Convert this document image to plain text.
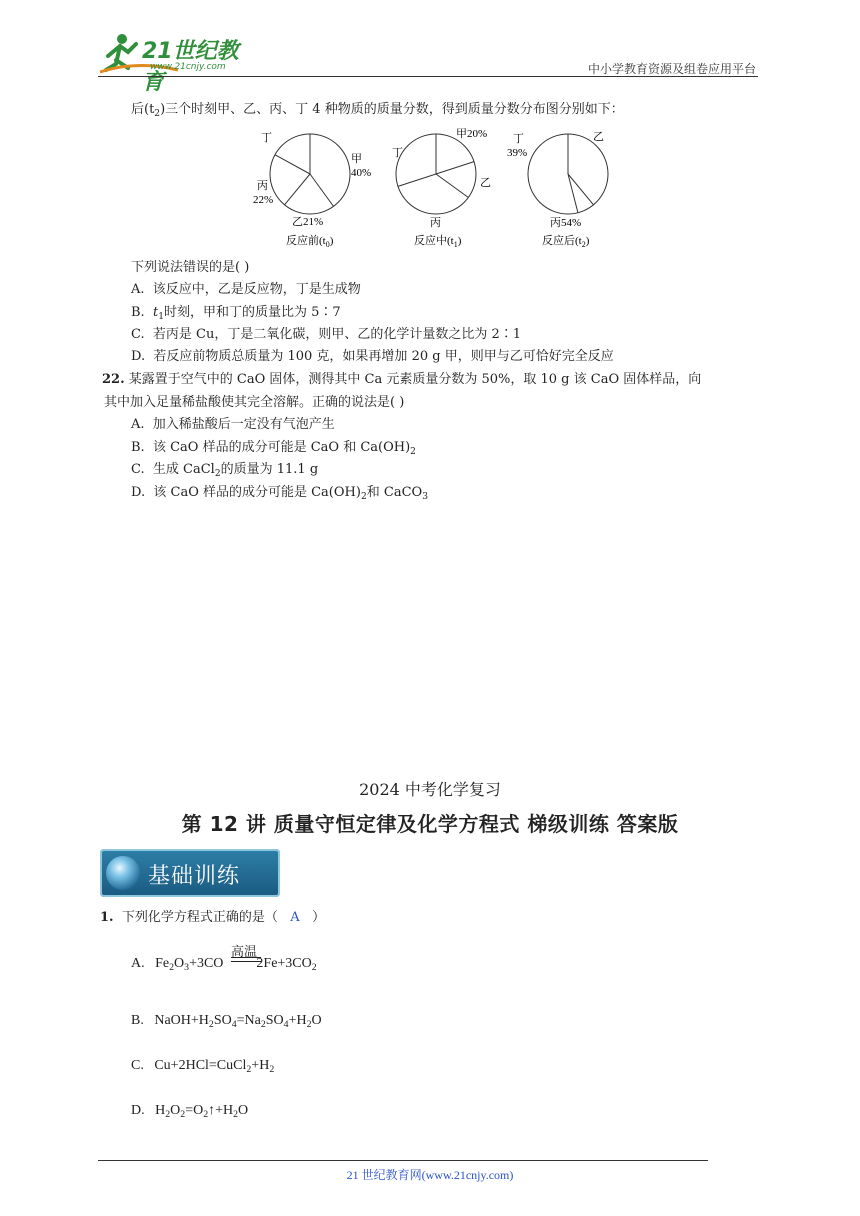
21世纪教育
www.21cnjy.com	中小学教育资源及组卷应用平台
后$(t_2)$三个时刻甲、乙、丙、丁 4 种物质的质量分数，得到质量分数分布图分别如下：
甲
40%
丙
22%
乙21%
丁
反应前$(t_0)$
甲20%
丁
乙
丙
反应中$(t_1)$
丁
39%
乙
丙54%
反应后$(t_2)$
下列说法错误的是( )
A. 该反应中，乙是反应物，丁是生成物
B. $t_1$时刻，甲和丁的质量比为 5∶7
C. 若丙是 Cu，丁是二氧化碳，则甲、乙的化学计量数之比为 2∶1
D. 若反应前物质总质量为 100 克，如果再增加 20 g 甲，则甲与乙可恰好完全反应
22. 某露置于空气中的 CaO 固体，测得其中 Ca 元素质量分数为 50%，取 10 g 该 CaO 固体样品，向
其中加入足量稀盐酸使其完全溶解。正确的说法是( )
A. 加入稀盐酸后一定没有气泡产生
B. 该 CaO 样品的成分可能是 CaO 和 $Ca(OH)_2$
C. 生成 CaCl$_2$的质量为 11.1 g
D. 该 CaO 样品的成分可能是 $Ca(OH)_2$和 CaCO$_3$
2024 中考化学复习
第 12 讲 质量守恒定律及化学方程式 梯级训练 答案版
基础训练
1. 下列化学方程式正确的是（ A ）
高温
A.   $Fe_2O_3+3CO$ $2Fe+3CO_2$
B.   $NaOH+H_2SO_4=Na_2SO_4+H_2O$
C.   $Cu+2HCl=CuCl_2+H_2$
D.   $H_2O_2=O_2↑+H_2O$
21 世纪教育网(www.21cnjy.com)
